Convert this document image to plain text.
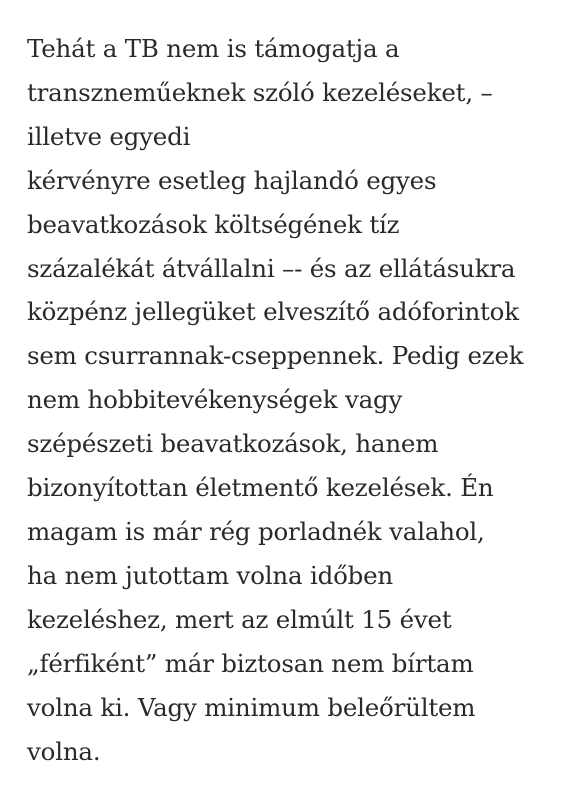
Tehát a TB nem is támogatja a
transzneműeknek szóló kezeléseket, –
illetve egyedi
kérvényre esetleg hajlandó egyes
beavatkozások költségének tíz
százalékát átvállalni –- és az ellátásukra
közpénz jellegüket elveszítő adóforintok
sem csurrannak-cseppennek. Pedig ezek
nem hobbitevékenységek vagy
szépészeti beavatkozások, hanem
bizonyítottan életmentő kezelések. Én
magam is már rég porladnék valahol,
ha nem jutottam volna időben
kezeléshez, mert az elmúlt 15 évet
„férfiként” már biztosan nem bírtam
volna ki. Vagy minimum beleőrültem
volna.
